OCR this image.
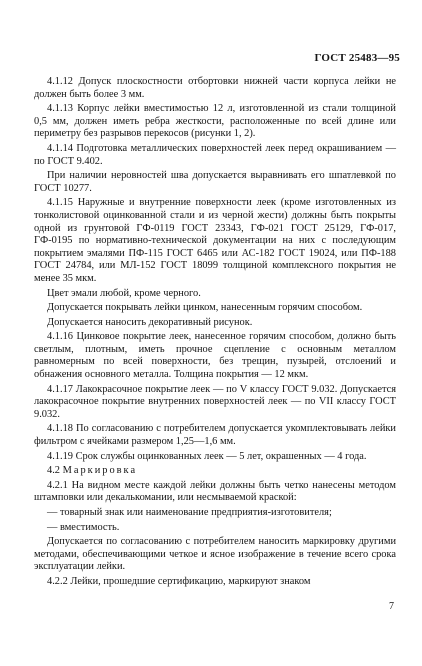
ГОСТ 25483—95

4.1.12 Допуск плоскостности отбортовки нижней части корпуса лейки не должен быть более 3 мм.

4.1.13 Корпус лейки вместимостью 12 л, изготовленной из стали толщиной 0,5 мм, должен иметь ребра жесткости, расположенные по всей длине или периметру без разрывов перекосов (рисунки 1, 2).

4.1.14 Подготовка металлических поверхностей леек перед окрашиванием — по ГОСТ 9.402.

При наличии неровностей шва допускается выравнивать его шпатлевкой по ГОСТ 10277.

4.1.15 Наружные и внутренние поверхности леек (кроме изготовленных из тонколистовой оцинкованной стали и из черной жести) должны быть покрыты одной из грунтовой ГФ-0119 ГОСТ 23343, ГФ-021 ГОСТ 25129, ГФ-017, ГФ-0195 по нормативно-технической документации на них с последующим покрытием эмалями ПФ-115 ГОСТ 6465 или АС-182 ГОСТ 19024, или ПФ-188 ГОСТ 24784, или МЛ-152 ГОСТ 18099 толщиной комплексного покрытия не менее 35 мкм.

Цвет эмали любой, кроме черного.

Допускается покрывать лейки цинком, нанесенным горячим способом.

Допускается наносить декоративный рисунок.

4.1.16 Цинковое покрытие леек, нанесенное горячим способом, должно быть светлым, плотным, иметь прочное сцепление с основным металлом равномерным по всей поверхности, без трещин, пузырей, отслоений и обнажения основного металла. Толщина покрытия — 12 мкм.

4.1.17 Лакокрасочное покрытие леек — по V классу ГОСТ 9.032. Допускается лакокрасочное покрытие внутренних поверхностей леек — по VII классу ГОСТ 9.032.

4.1.18 По согласованию с потребителем допускается укомплектовывать лейки фильтром с ячейками размером 1,25—1,6 мм.

4.1.19 Срок службы оцинкованных леек — 5 лет, окрашенных — 4 года.

4.2 Маркировка

4.2.1 На видном месте каждой лейки должны быть четко нанесены методом штамповки или декалькомании, или несмываемой краской:

— товарный знак или наименование предприятия-изготовителя;

— вместимость.

Допускается по согласованию с потребителем наносить маркировку другими методами, обеспечивающими четкое и ясное изображение в течение всего срока эксплуатации лейки.

4.2.2 Лейки, прошедшие сертификацию, маркируют знаком

7
